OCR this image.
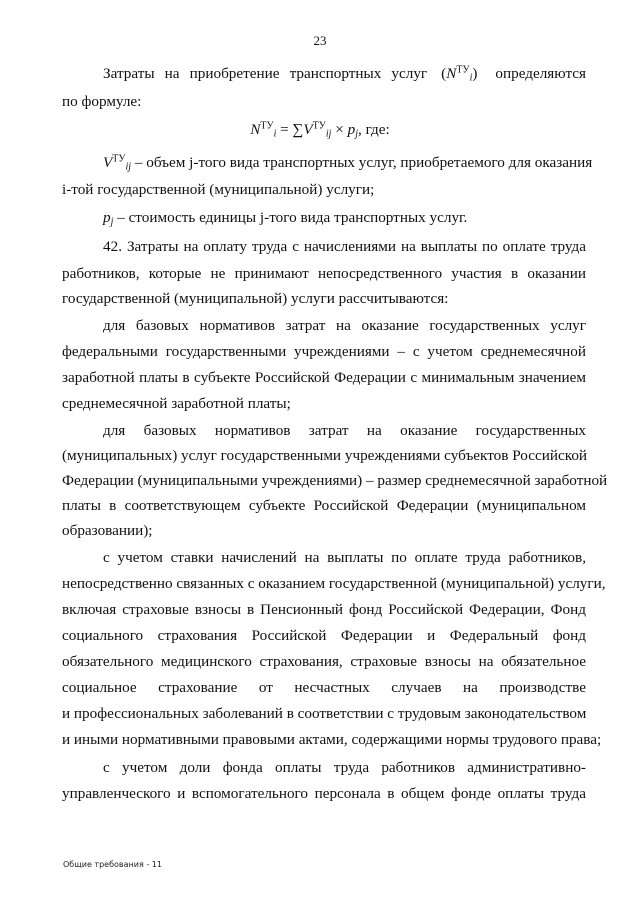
23
Затраты на приобретение транспортных услуг $(N^{ТУ}_i)$ определяются
по формуле:
$N^{ТУ}_i = \sum V^{ТУ}_{ij} \times p_j$, где:
$V^{ТУ}_{ij}$ – объем j-того вида транспортных услуг, приобретаемого для оказания
i-той государственной (муниципальной) услуги;
$p_j$ – стоимость единицы j-того вида транспортных услуг.
42. Затраты на оплату труда с начислениями на выплаты по оплате труда
работников, которые не принимают непосредственного участия в оказании
государственной (муниципальной) услуги рассчитываются:
для базовых нормативов затрат на оказание государственных услуг
федеральными государственными учреждениями – с учетом среднемесячной
заработной платы в субъекте Российской Федерации с минимальным значением
среднемесячной заработной платы;
для базовых нормативов затрат на оказание государственных
(муниципальных) услуг государственными учреждениями субъектов Российской
Федерации (муниципальными учреждениями) – размер среднемесячной заработной
платы в соответствующем субъекте Российской Федерации (муниципальном
образовании);
с учетом ставки начислений на выплаты по оплате труда работников,
непосредственно связанных с оказанием государственной (муниципальной) услуги,
включая страховые взносы в Пенсионный фонд Российской Федерации, Фонд
социального страхования Российской Федерации и Федеральный фонд
обязательного медицинского страхования, страховые взносы на обязательное
социальное страхование от несчастных случаев на производстве
и профессиональных заболеваний в соответствии с трудовым законодательством
и иными нормативными правовыми актами, содержащими нормы трудового права;
с учетом доли фонда оплаты труда работников административно-
управленческого и вспомогательного персонала в общем фонде оплаты труда
Общие требования - 11
